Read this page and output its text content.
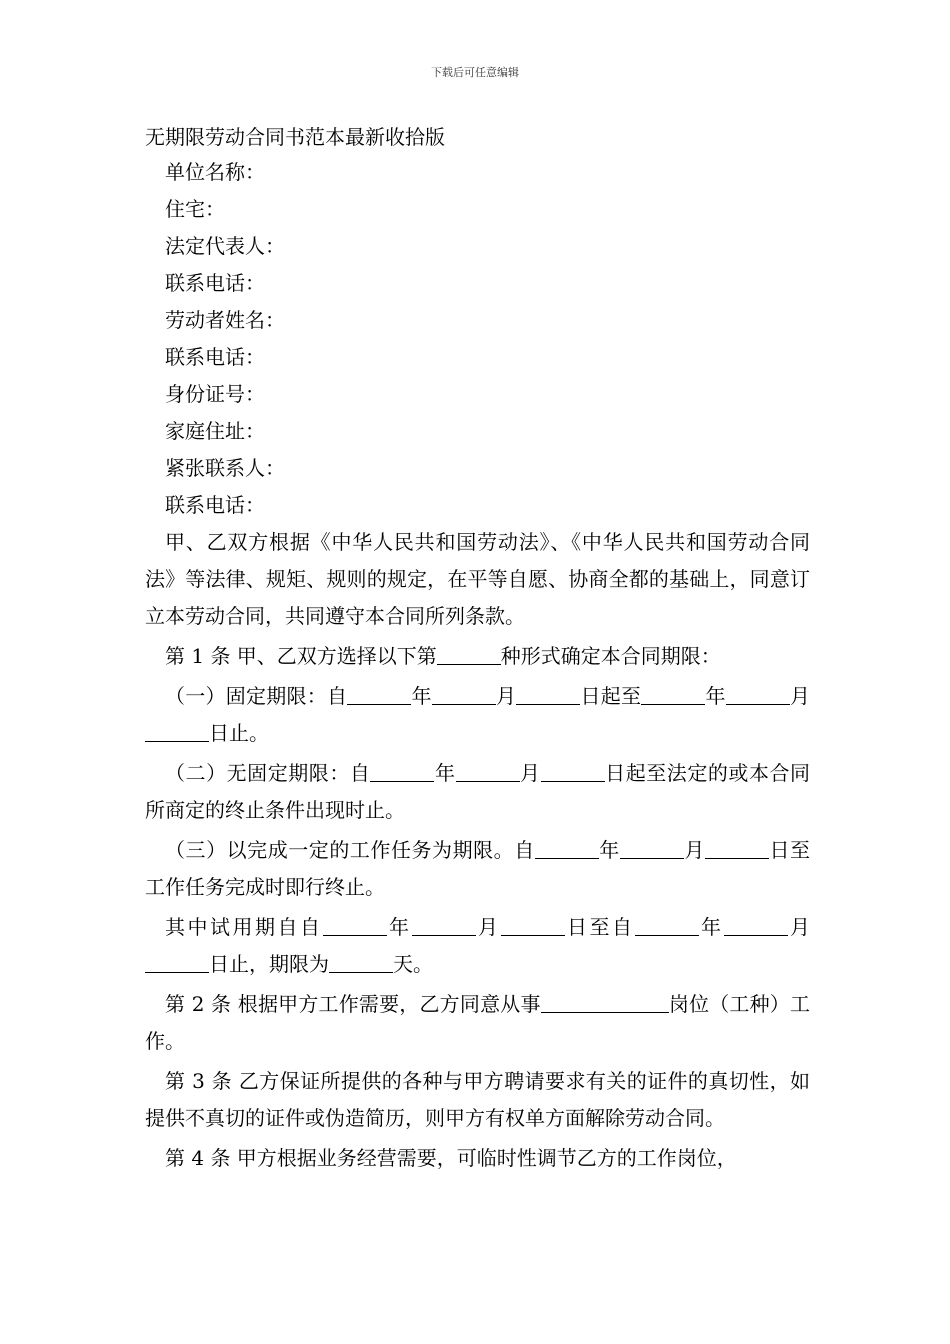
下载后可任意编辑
无期限劳动合同书范本最新收拾版
单位名称：
住宅：
法定代表人：
联系电话：
劳动者姓名：
联系电话：
身份证号：
家庭住址：
紧张联系人：
联系电话：

甲、乙双方根据《中华人民共和国劳动法》、《中华人民共和国劳动合同法》等法律、规矩、规则的规定，在平等自愿、协商全都的基础上，同意订立本劳动合同，共同遵守本合同所列条款。

第 1 条 甲、乙双方选择以下第	种形式确定本合同期限：

（一）固定期限：自	年	月	日起至	年	月日止。

（二）无固定期限：自	年	月	日起至法定的或本合同所商定的终止条件出现时止。

（三）以完成一定的工作任务为期限。自	年	月	日至工作任务完成时即行终止。

其中试用期自自	年	月	日至自	年	月日止，期限为	天。

第 2 条 根据甲方工作需要，乙方同意从事	岗位（工种）工作。

第 3 条 乙方保证所提供的各种与甲方聘请要求有关的证件的真切性，如提供不真切的证件或伪造简历，则甲方有权单方面解除劳动合同。

第 4 条 甲方根据业务经营需要，可临时性调节乙方的工作岗位，
